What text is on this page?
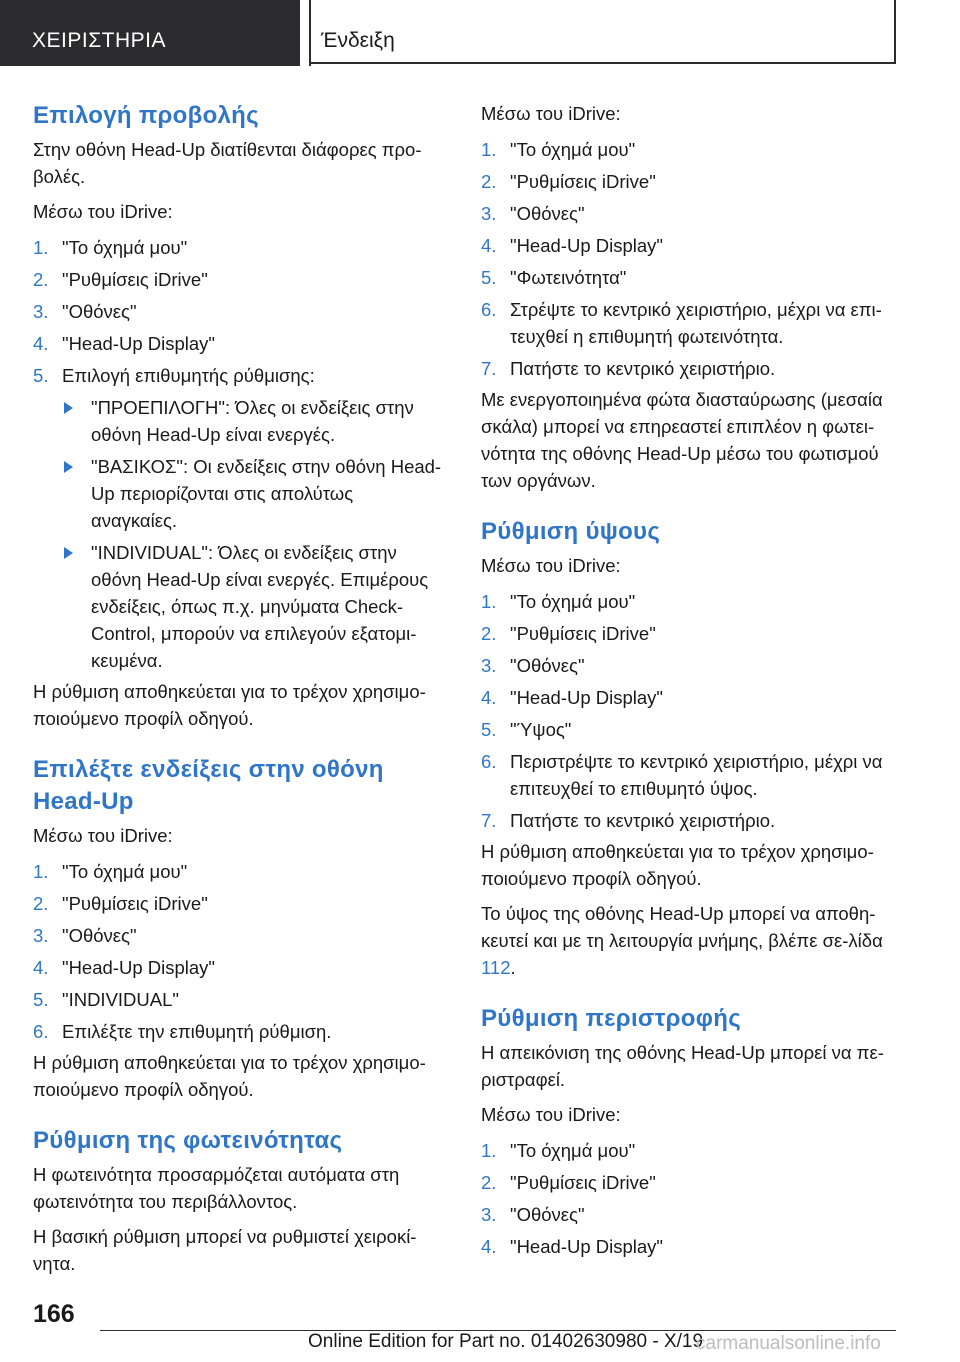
ΧΕΙΡΙΣΤΗΡΙΑ	Ένδειξη
Επιλογή προβολής

Στην οθόνη Head-Up διατίθενται διάφορες προ-βολές.

Μέσω του iDrive:

1. "Το όχημά μου"
2. "Ρυθμίσεις iDrive"
3. "Οθόνες"
4. "Head-Up Display"
5. Επιλογή επιθυμητής ρύθμισης:
"ΠΡΟΕΠΙΛΟΓΗ": Όλες οι ενδείξεις στην οθόνη Head-Up είναι ενεργές.
"ΒΑΣΙΚΟΣ": Οι ενδείξεις στην οθόνη Head-Up περιορίζονται στις απολύτως αναγκαίες.
"INDIVIDUAL": Όλες οι ενδείξεις στην οθόνη Head-Up είναι ενεργές. Επιμέρους ενδείξεις, όπως π.χ. μηνύματα Check-Control, μπορούν να επιλεγούν εξατομι-κευμένα.

Η ρύθμιση αποθηκεύεται για το τρέχον χρησιμο-ποιούμενο προφίλ οδηγού.

Επιλέξτε ενδείξεις στην οθόνη Head-Up

Μέσω του iDrive:

1. "Το όχημά μου"
2. "Ρυθμίσεις iDrive"
3. "Οθόνες"
4. "Head-Up Display"
5. "INDIVIDUAL"
6. Επιλέξτε την επιθυμητή ρύθμιση.

Η ρύθμιση αποθηκεύεται για το τρέχον χρησιμο-ποιούμενο προφίλ οδηγού.

Ρύθμιση της φωτεινότητας

Η φωτεινότητα προσαρμόζεται αυτόματα στη φωτεινότητα του περιβάλλοντος.

Η βασική ρύθμιση μπορεί να ρυθμιστεί χειροκί-νητα.

Μέσω του iDrive:

1. "Το όχημά μου"
2. "Ρυθμίσεις iDrive"
3. "Οθόνες"
4. "Head-Up Display"
5. "Φωτεινότητα"
6. Στρέψτε το κεντρικό χειριστήριο, μέχρι να επι-τευχθεί η επιθυμητή φωτεινότητα.
7. Πατήστε το κεντρικό χειριστήριο.

Με ενεργοποιημένα φώτα διασταύρωσης (μεσαία σκάλα) μπορεί να επηρεαστεί επιπλέον η φωτει-νότητα της οθόνης Head-Up μέσω του φωτισμού των οργάνων.

Ρύθμιση ύψους

Μέσω του iDrive:

1. "Το όχημά μου"
2. "Ρυθμίσεις iDrive"
3. "Οθόνες"
4. "Head-Up Display"
5. "Ύψος"
6. Περιστρέψτε το κεντρικό χειριστήριο, μέχρι να επιτευχθεί το επιθυμητό ύψος.
7. Πατήστε το κεντρικό χειριστήριο.

Η ρύθμιση αποθηκεύεται για το τρέχον χρησιμο-ποιούμενο προφίλ οδηγού.

Το ύψος της οθόνης Head-Up μπορεί να αποθη-κευτεί και με τη λειτουργία μνήμης, βλέπε σε-λίδα 112.

Ρύθμιση περιστροφής

Η απεικόνιση της οθόνης Head-Up μπορεί να πε-ριστραφεί.

Μέσω του iDrive:

1. "Το όχημά μου"
2. "Ρυθμίσεις iDrive"
3. "Οθόνες"
4. "Head-Up Display"
166
Online Edition for Part no. 01402630980 - X/19
carmanualsonline.info
